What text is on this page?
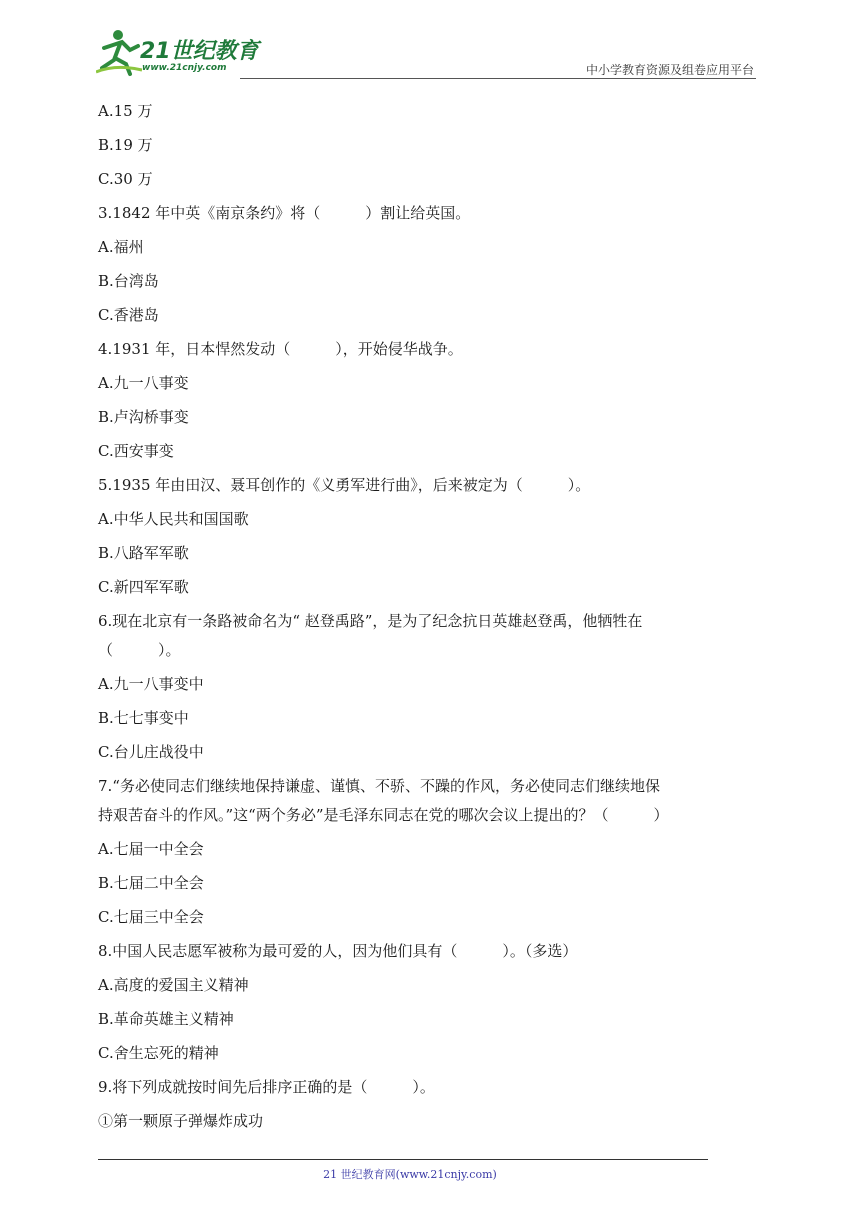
21世纪教育
www.21cnjy.com	中小学教育资源及组卷应用平台
A.15 万
B.19 万
C.30 万
3.1842 年中英《南京条约》将（　　　）割让给英国。
A.福州
B.台湾岛
C.香港岛
4.1931 年，日本悍然发动（　　　），开始侵华战争。
A.九一八事变
B.卢沟桥事变
C.西安事变
5.1935 年由田汉、聂耳创作的《义勇军进行曲》，后来被定为（　　　）。
A.中华人民共和国国歌
B.八路军军歌
C.新四军军歌
6.现在北京有一条路被命名为“ 赵登禹路”，是为了纪念抗日英雄赵登禹，他牺牲在
（　　　）。
A.九一八事变中
B.七七事变中
C.台儿庄战役中
7.“务必使同志们继续地保持谦虚、谨慎、不骄、不躁的作风，务必使同志们继续地保
持艰苦奋斗的作风。”这“两个务必”是毛泽东同志在党的哪次会议上提出的？（　　　）
A.七届一中全会
B.七届二中全会
C.七届三中全会
8.中国人民志愿军被称为最可爱的人，因为他们具有（　　　）。（多选）
A.高度的爱国主义精神
B.革命英雄主义精神
C.舍生忘死的精神
9.将下列成就按时间先后排序正确的是（　　　）。
①第一颗原子弹爆炸成功
21 世纪教育网(www.21cnjy.com)
